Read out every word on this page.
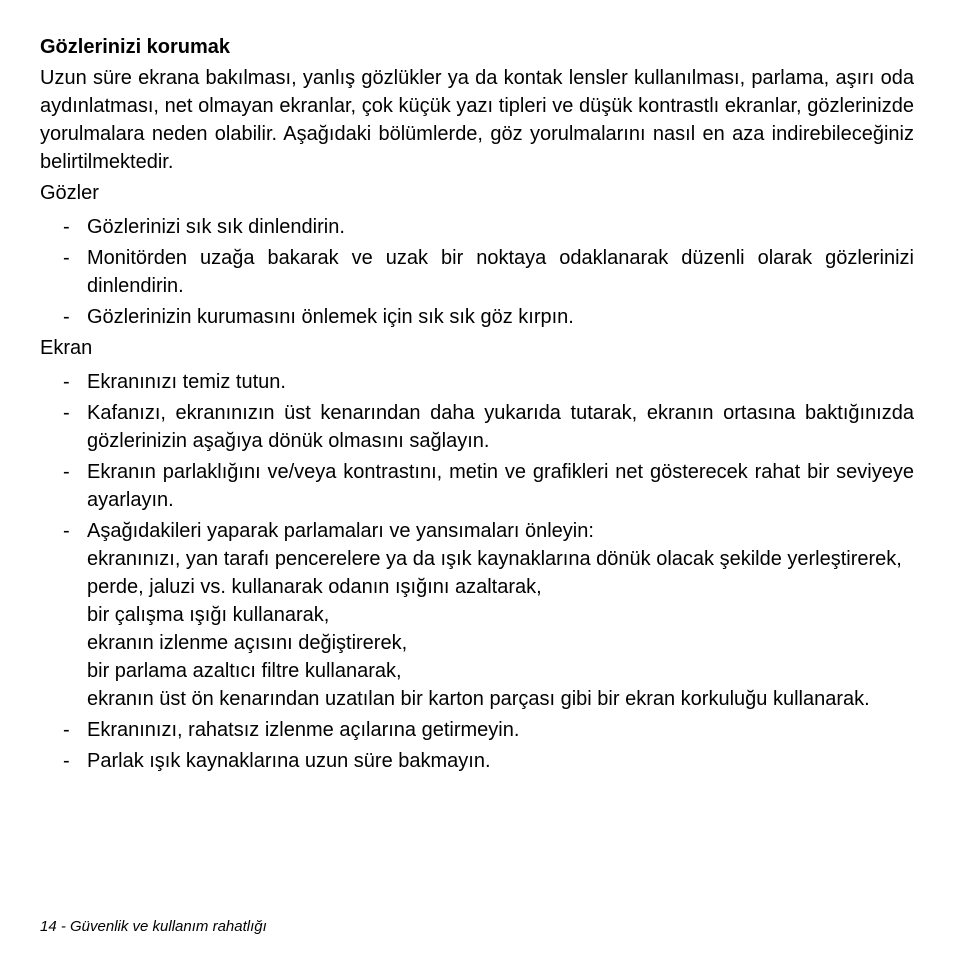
Gözlerinizi korumak

Uzun süre ekrana bakılması, yanlış gözlükler ya da kontak lensler kullanılması, parlama, aşırı oda aydınlatması, net olmayan ekranlar, çok küçük yazı tipleri ve düşük kontrastlı ekranlar, gözlerinizde yorulmalara neden olabilir. Aşağıdaki bölümlerde, göz yorulmalarını nasıl en aza indirebileceğiniz belirtilmektedir.

Gözler
- Gözlerinizi sık sık dinlendirin.
- Monitörden uzağa bakarak ve uzak bir noktaya odaklanarak düzenli olarak gözlerinizi dinlendirin.
- Gözlerinizin kurumasını önlemek için sık sık göz kırpın.
Ekran
- Ekranınızı temiz tutun.
- Kafanızı, ekranınızın üst kenarından daha yukarıda tutarak, ekranın ortasına baktığınızda gözlerinizin aşağıya dönük olmasını sağlayın.
- Ekranın parlaklığını ve/veya kontrastını, metin ve grafikleri net gösterecek rahat bir seviyeye ayarlayın.
- Aşağıdakileri yaparak parlamaları ve yansımaları önleyin:
ekranınızı, yan tarafı pencerelere ya da ışık kaynaklarına dönük olacak şekilde yerleştirerek,
perde, jaluzi vs. kullanarak odanın ışığını azaltarak,
bir çalışma ışığı kullanarak,
ekranın izlenme açısını değiştirerek,
bir parlama azaltıcı filtre kullanarak,
ekranın üst ön kenarından uzatılan bir karton parçası gibi bir ekran korkuluğu kullanarak.
- Ekranınızı, rahatsız izlenme açılarına getirmeyin.
- Parlak ışık kaynaklarına uzun süre bakmayın.
14 - Güvenlik ve kullanım rahatlığı
